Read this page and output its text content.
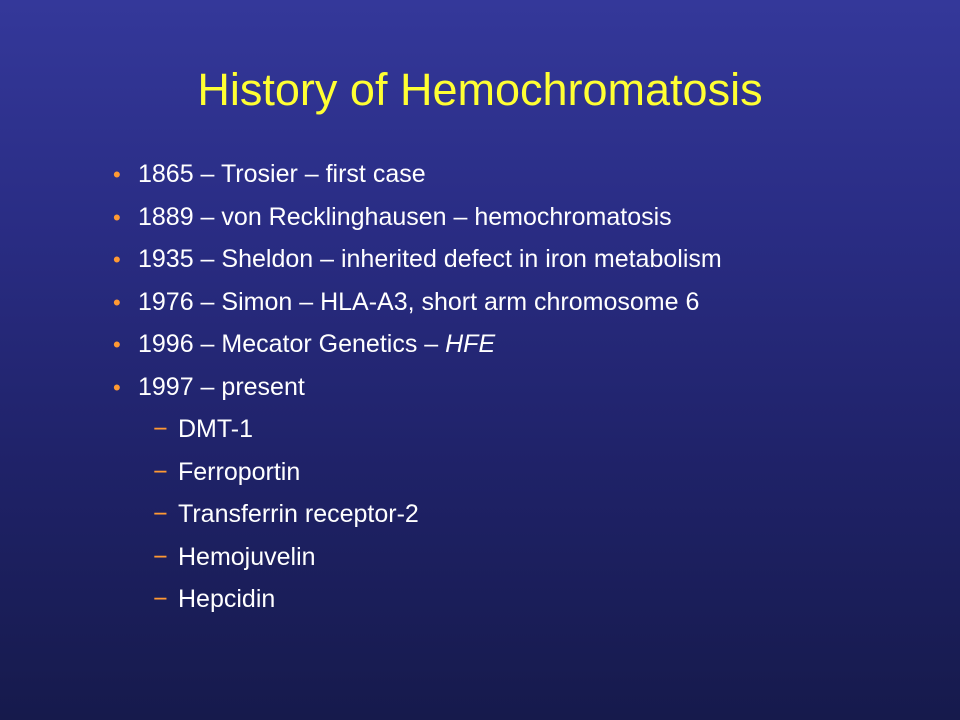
History of Hemochromatosis
• 1865 – Trosier – first case
• 1889 – von Recklinghausen – hemochromatosis
• 1935 – Sheldon – inherited defect in iron metabolism
• 1976 – Simon – HLA-A3, short arm chromosome 6
• 1996 – Mecator Genetics – HFE
• 1997 – present
− DMT-1
− Ferroportin
− Transferrin receptor-2
− Hemojuvelin
− Hepcidin
